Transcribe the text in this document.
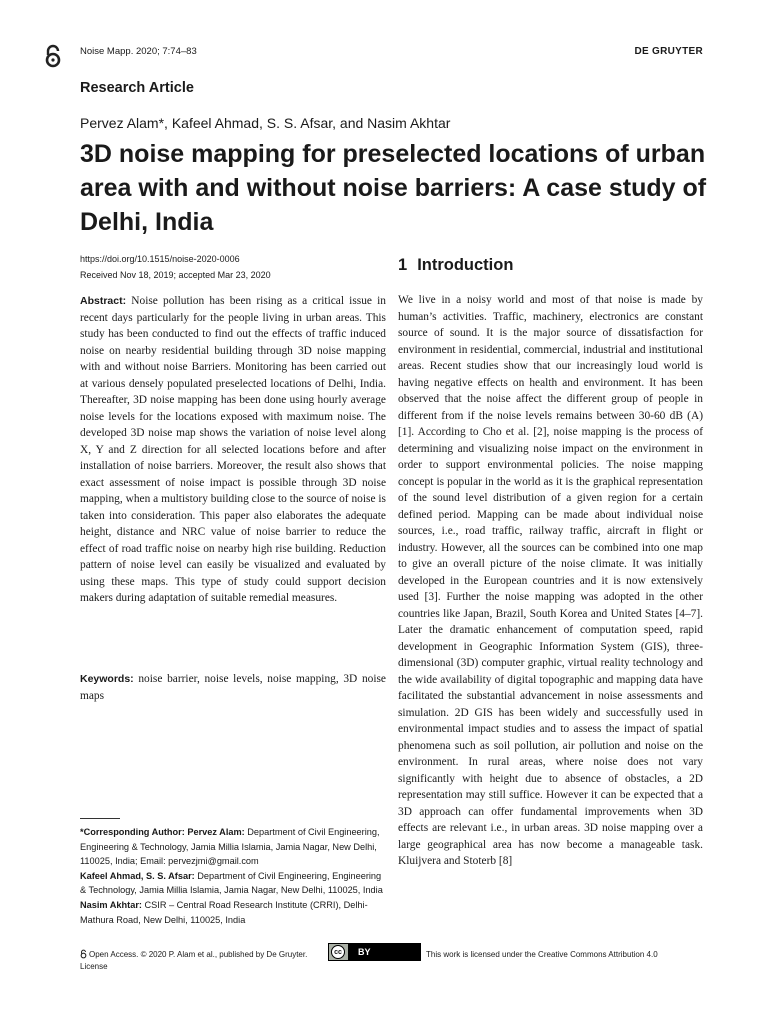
Noise Mapp. 2020; 7:74–83	DE GRUYTER
Research Article
Pervez Alam*, Kafeel Ahmad, S. S. Afsar, and Nasim Akhtar
3D noise mapping for preselected locations of urban area with and without noise barriers: A case study of Delhi, India
https://doi.org/10.1515/noise-2020-0006
Received Nov 18, 2019; accepted Mar 23, 2020

Abstract: Noise pollution has been rising as a critical issue in recent days particularly for the people living in urban areas. This study has been conducted to find out the effects of traffic induced noise on nearby residential building through 3D noise mapping with and without noise Barriers. Monitoring has been carried out at various densely populated preselected locations of Delhi, India. Thereafter, 3D noise mapping has been done using hourly average noise levels for the locations exposed with maximum noise. The developed 3D noise map shows the variation of noise level along X, Y and Z direction for all selected locations before and after installation of noise barriers. Moreover, the result also shows that exact assessment of noise impact is possible through 3D noise mapping, when a multistory building close to the source of noise is taken into consideration. This paper also elaborates the adequate height, distance and NRC value of noise barrier to reduce the effect of road traffic noise on nearby high rise building. Reduction pattern of noise level can easily be visualized and evaluated by using these maps. This type of study could support decision makers during adaptation of suitable remedial measures.

Keywords: noise barrier, noise levels, noise mapping, 3D noise maps

*Corresponding Author: Pervez Alam: Department of Civil Engineering, Engineering & Technology, Jamia Millia Islamia, Jamia Nagar, New Delhi, 110025, India; Email: pervezjmi@gmail.com

Kafeel Ahmad, S. S. Afsar: Department of Civil Engineering, Engineering & Technology, Jamia Millia Islamia, Jamia Nagar, New Delhi, 110025, India

Nasim Akhtar: CSIR – Central Road Research Institute (CRRI), Delhi-Mathura Road, New Delhi, 110025, India

1 Introduction

We live in a noisy world and most of that noise is made by human’s activities. Traffic, machinery, electronics are constant source of sound. It is the major source of dissatisfaction for environment in residential, commercial, industrial and institutional areas. Recent studies show that our increasingly loud world is having negative effects on health and environment. It has been observed that the noise affect the different group of people in different from if the noise levels remains between 30-60 dB (A) [1]. According to Cho et al. [2], noise mapping is the process of determining and visualizing noise impact on the environment in order to support environmental policies. The noise mapping concept is popular in the world as it is the graphical representation of the sound level distribution of a given region for a certain defined period. Mapping can be made about individual noise sources, i.e., road traffic, railway traffic, aircraft in flight or industry. However, all the sources can be combined into one map to give an overall picture of the noise climate. It was initially developed in the European countries and it is now extensively used [3]. Further the noise mapping was adopted in the other countries like Japan, Brazil, South Korea and United States [4–7]. Later the dramatic enhancement of computation speed, rapid development in Geographic Information System (GIS), three-dimensional (3D) computer graphic, virtual reality technology and the wide availability of digital topographic and mapping data have facilitated the substantial advancement in noise assessments and simulation. 2D GIS has been widely and successfully used in environmental impact studies and to assess the impact of spatial phenomena such as soil pollution, air pollution and noise on the environment. In rural areas, where noise does not vary significantly with height due to absence of obstacles, a 2D representation may still suffice. However it can be expected that a 3D approach can offer fundamental improvements when 3D effects are relevant i.e., in urban areas. 3D noise mapping over a large geographical area has now become a manageable task. Kluijvera and Stoterb [8]

Open Access. © 2020 P. Alam et al., published by De Gruyter.
License
cc	BY	This work is licensed under the Creative Commons Attribution 4.0
